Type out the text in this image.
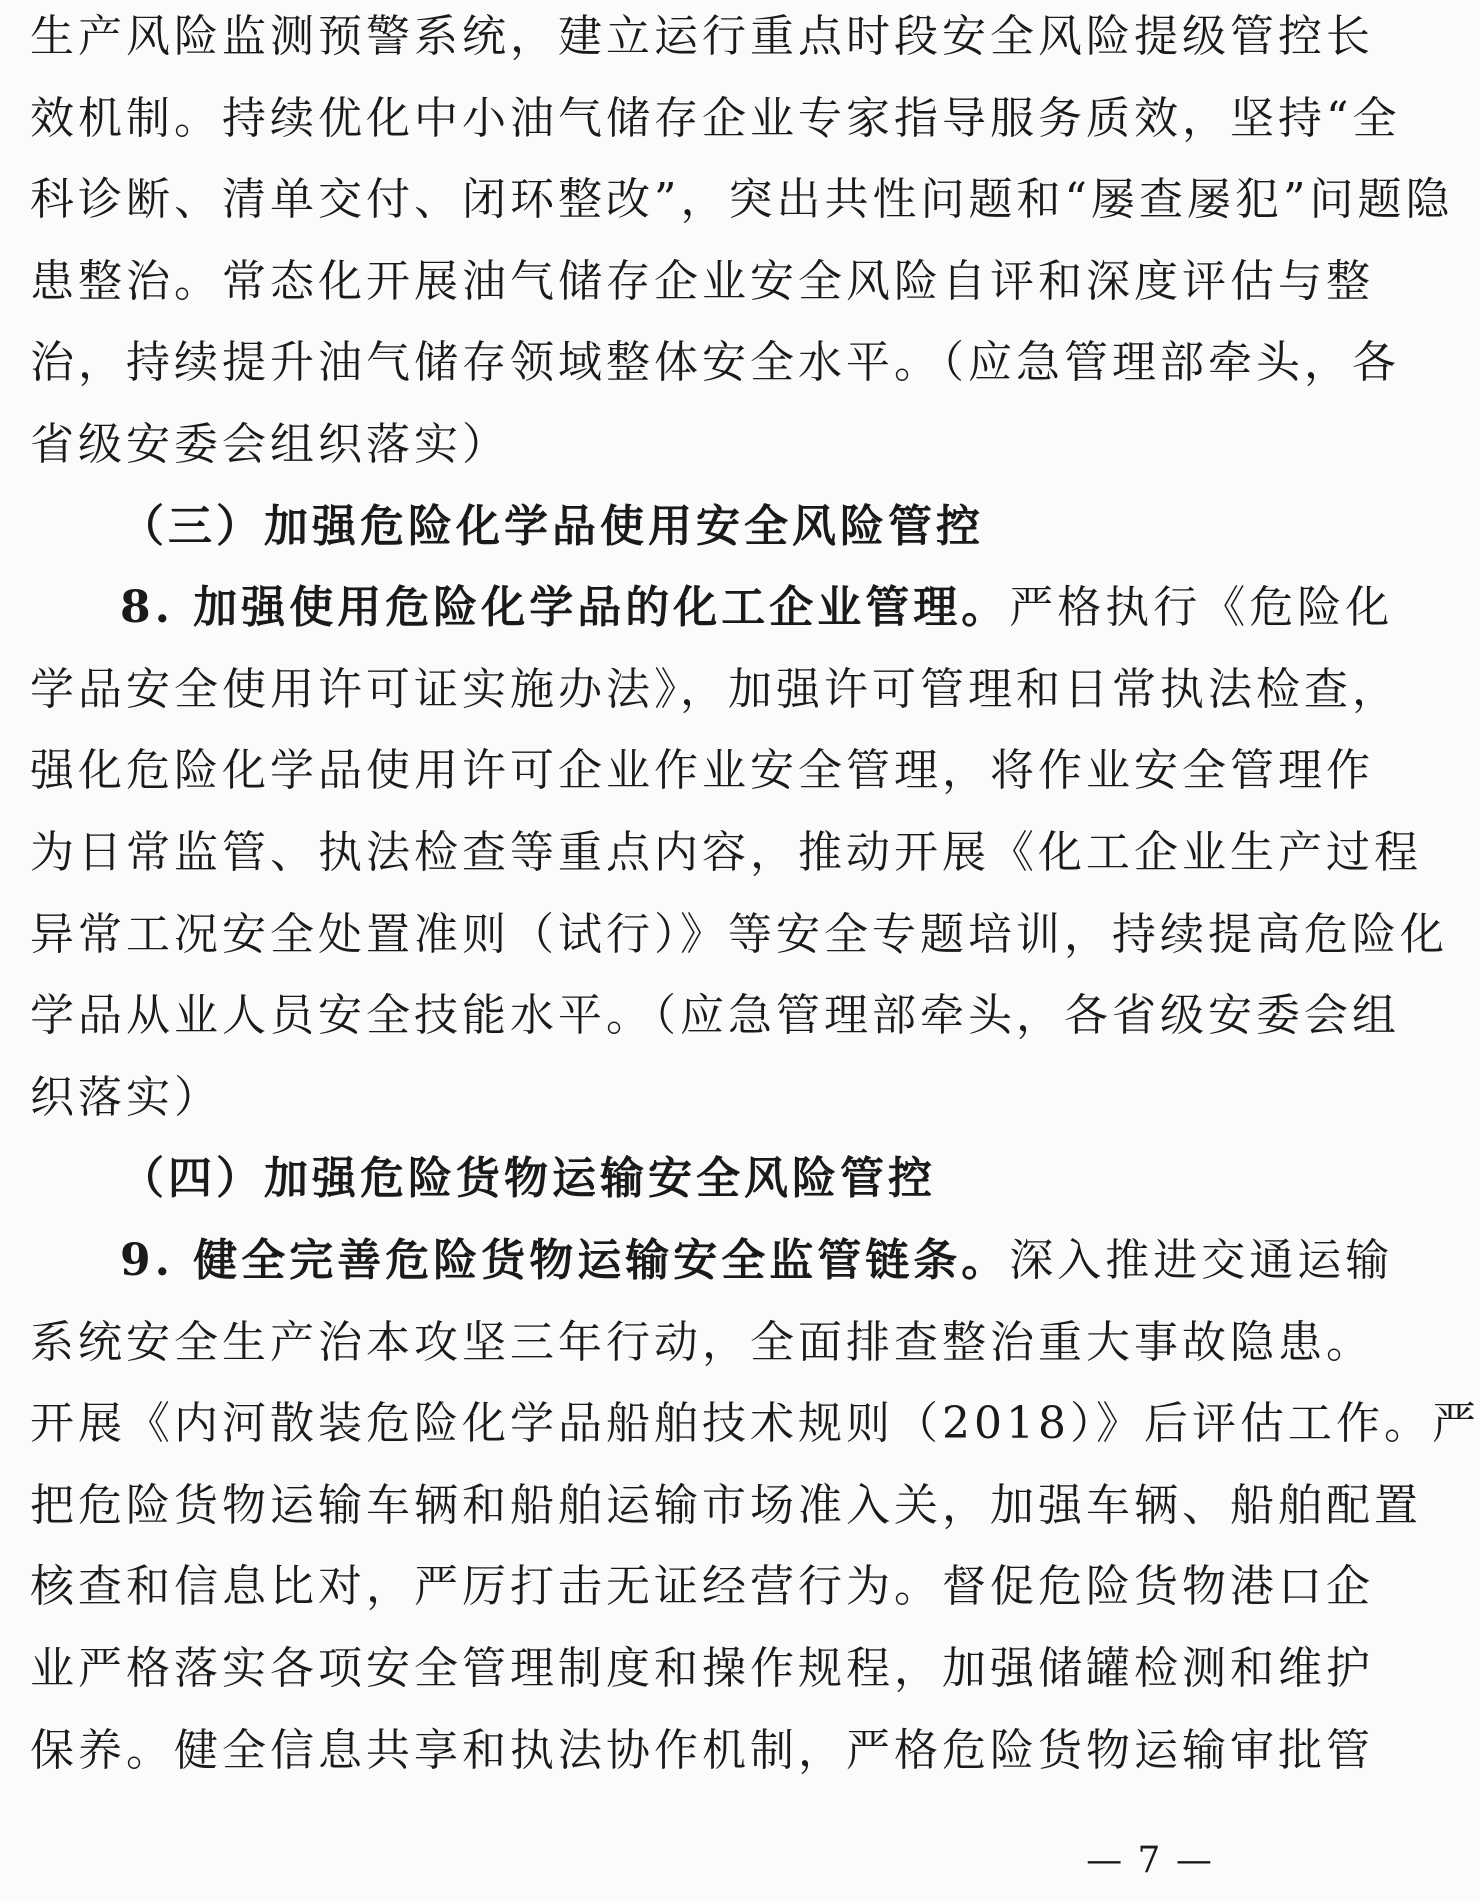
生产风险监测预警系统，建立运行重点时段安全风险提级管控长
效机制。持续优化中小油气储存企业专家指导服务质效，坚持“全
科诊断、清单交付、闭环整改”，突出共性问题和“屡查屡犯”问题隐
患整治。常态化开展油气储存企业安全风险自评和深度评估与整
治，持续提升油气储存领域整体安全水平。（应急管理部牵头，各
省级安委会组织落实）
（三）加强危险化学品使用安全风险管控
8. 加强使用危险化学品的化工企业管理。严格执行《危险化
学品安全使用许可证实施办法》，加强许可管理和日常执法检查，
强化危险化学品使用许可企业作业安全管理，将作业安全管理作
为日常监管、执法检查等重点内容，推动开展《化工企业生产过程
异常工况安全处置准则（试行）》等安全专题培训，持续提高危险化
学品从业人员安全技能水平。（应急管理部牵头，各省级安委会组
织落实）
（四）加强危险货物运输安全风险管控
9. 健全完善危险货物运输安全监管链条。深入推进交通运输
系统安全生产治本攻坚三年行动，全面排查整治重大事故隐患。
开展《内河散装危险化学品船舶技术规则（2018）》后评估工作。严
把危险货物运输车辆和船舶运输市场准入关，加强车辆、船舶配置
核查和信息比对，严厉打击无证经营行为。督促危险货物港口企
业严格落实各项安全管理制度和操作规程，加强储罐检测和维护
保养。健全信息共享和执法协作机制，严格危险货物运输审批管
— 7 —
